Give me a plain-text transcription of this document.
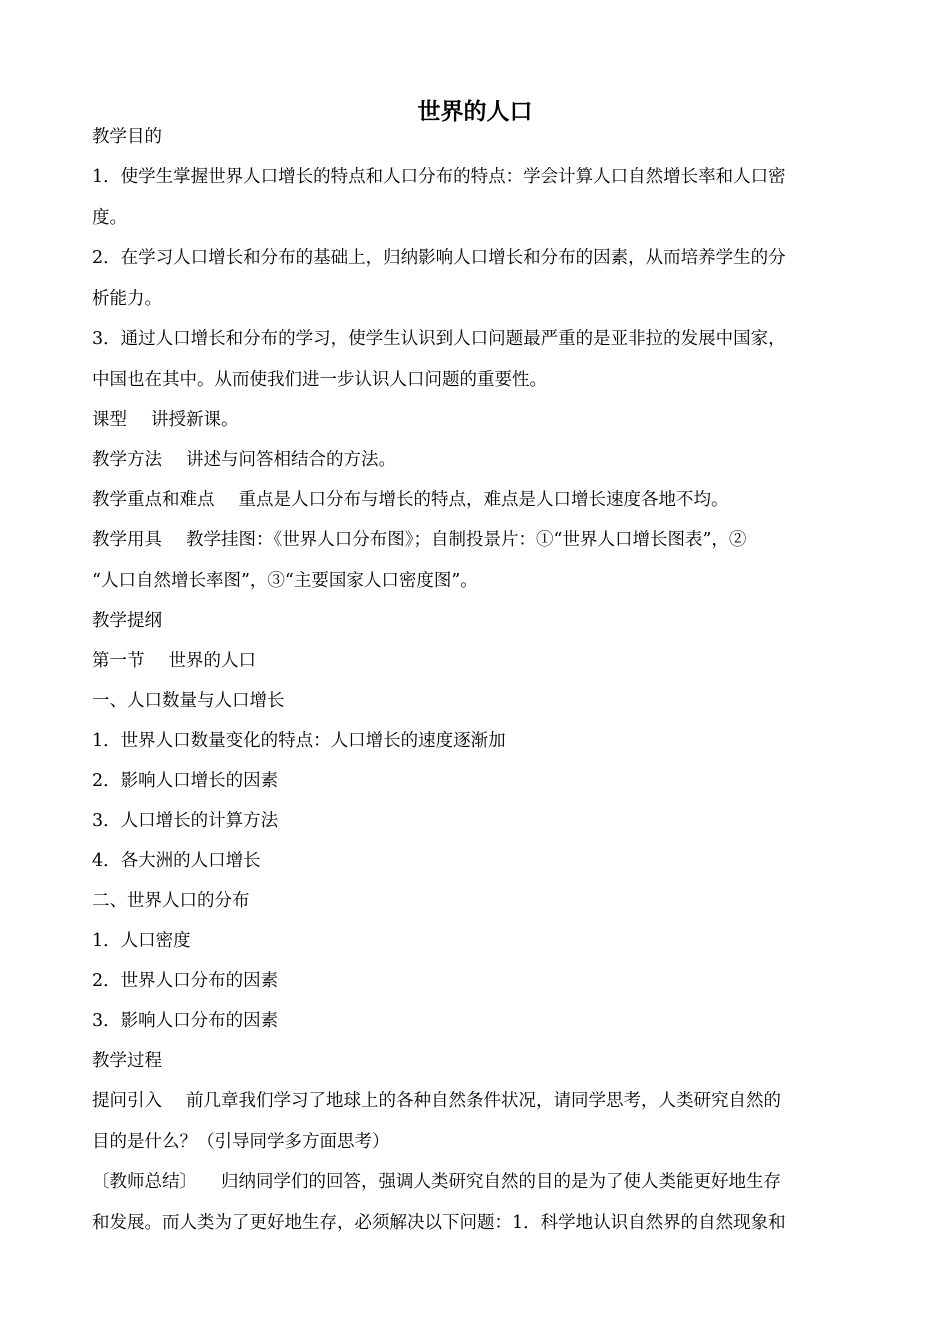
世界的人口

教学目的

1．使学生掌握世界人口增长的特点和人口分布的特点：学会计算人口自然增长率和人口密

度。

2．在学习人口增长和分布的基础上，归纳影响人口增长和分布的因素，从而培养学生的分

析能力。

3．通过人口增长和分布的学习，使学生认识到人口问题最严重的是亚非拉的发展中国家，

中国也在其中。从而使我们进一步认识人口问题的重要性。

课型 讲授新课。

教学方法 讲述与问答相结合的方法。

教学重点和难点 重点是人口分布与增长的特点，难点是人口增长速度各地不均。

教学用具 教学挂图：《世界人口分布图》；自制投景片：①“世界人口增长图表”，②

“人口自然增长率图”，③“主要国家人口密度图”。

教学提纲

第一节 世界的人口

一、人口数量与人口增长

1．世界人口数量变化的特点：人口增长的速度逐渐加

2．影响人口增长的因素

3．人口增长的计算方法

4．各大洲的人口增长

二、世界人口的分布

1．人口密度

2．世界人口分布的因素

3．影响人口分布的因素

教学过程

提问引入 前几章我们学习了地球上的各种自然条件状况，请同学思考，人类研究自然的

目的是什么？（引导同学多方面思考）

〔教师总结〕 归纳同学们的回答，强调人类研究自然的目的是为了使人类能更好地生存

和发展。而人类为了更好地生存，必须解决以下问题：1．科学地认识自然界的自然现象和
